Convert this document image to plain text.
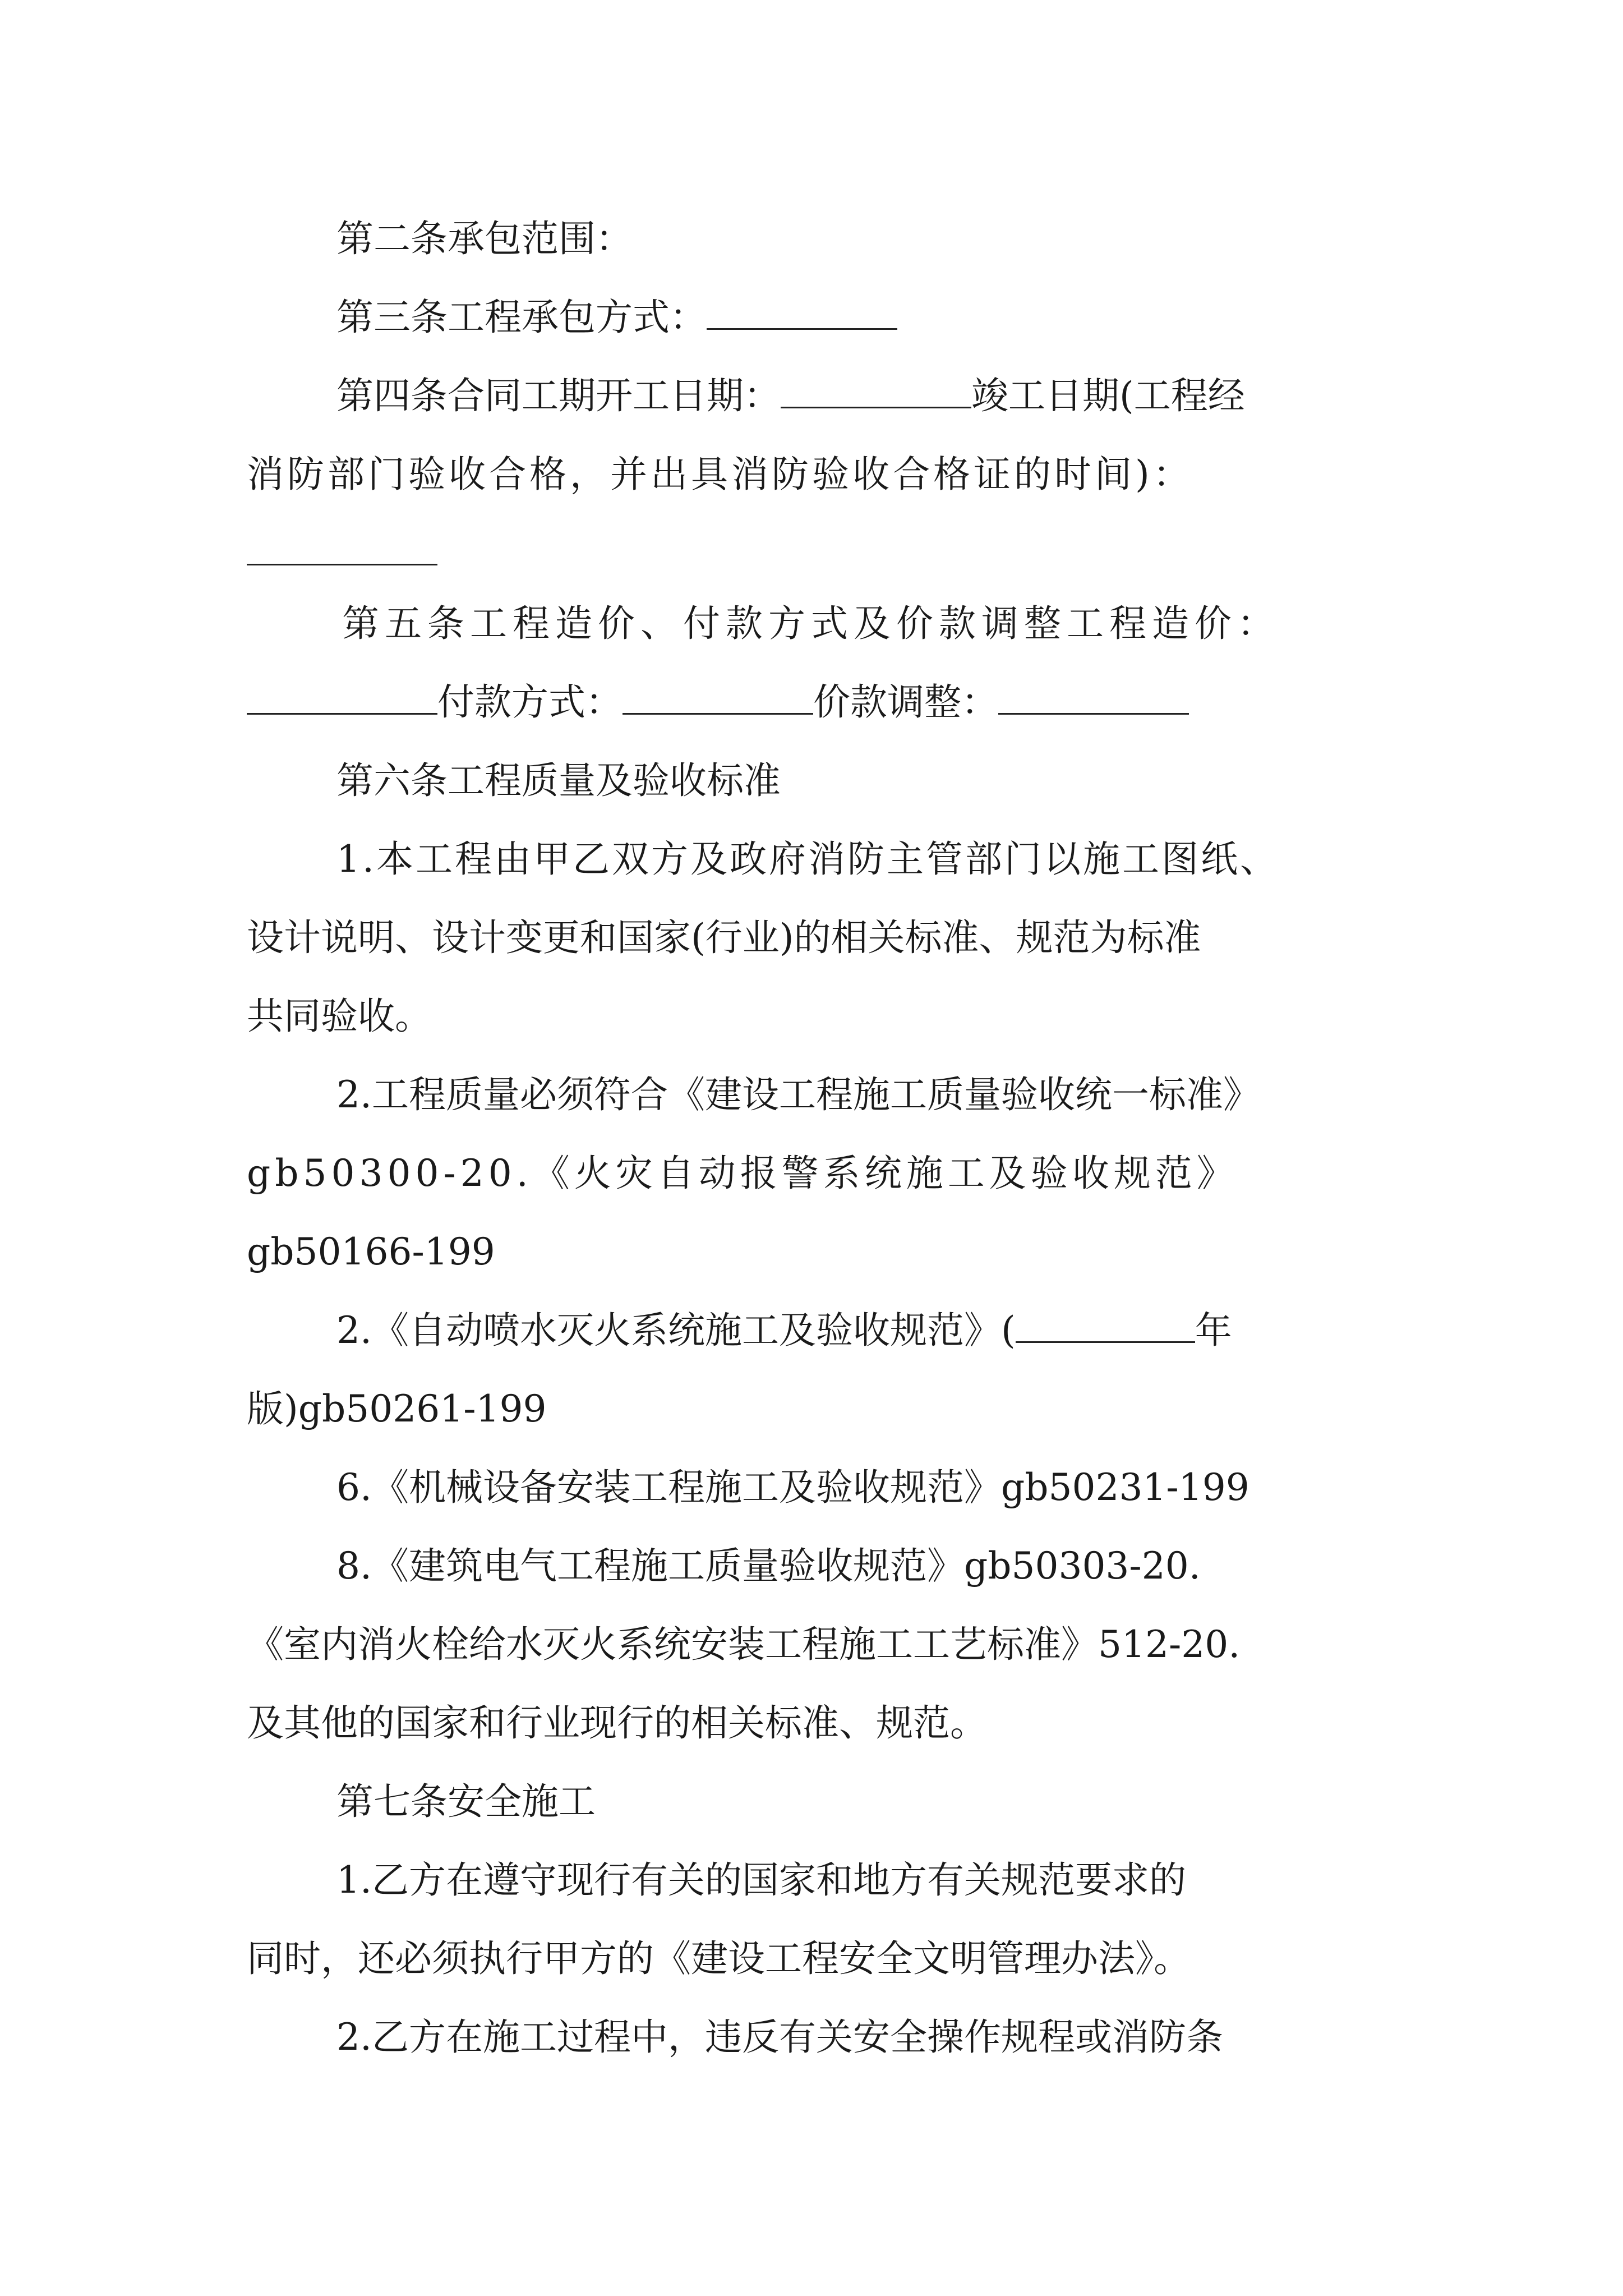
第二条承包范围：
第三条工程承包方式：
第四条合同工期开工日期：	竣工日期(工程经
消防部门验收合格，并出具消防验收合格证的时间)：
第五条工程造价、付款方式及价款调整工程造价：
付款方式：	价款调整：
第六条工程质量及验收标准
1.本工程由甲乙双方及政府消防主管部门以施工图纸、
设计说明、设计变更和国家(行业)的相关标准、规范为标准
共同验收。
2.工程质量必须符合《建设工程施工质量验收统一标准》
gb50300-20.《火灾自动报警系统施工及验收规范》
gb50166-199
2.《自动喷水灭火系统施工及验收规范》(	年
版)gb50261-199
6.《机械设备安装工程施工及验收规范》gb50231-199
8.《建筑电气工程施工质量验收规范》gb50303-20.
《室内消火栓给水灭火系统安装工程施工工艺标准》512-20.
及其他的国家和行业现行的相关标准、规范。
第七条安全施工
1.乙方在遵守现行有关的国家和地方有关规范要求的
同时，还必须执行甲方的《建设工程安全文明管理办法》。
2.乙方在施工过程中，违反有关安全操作规程或消防条
